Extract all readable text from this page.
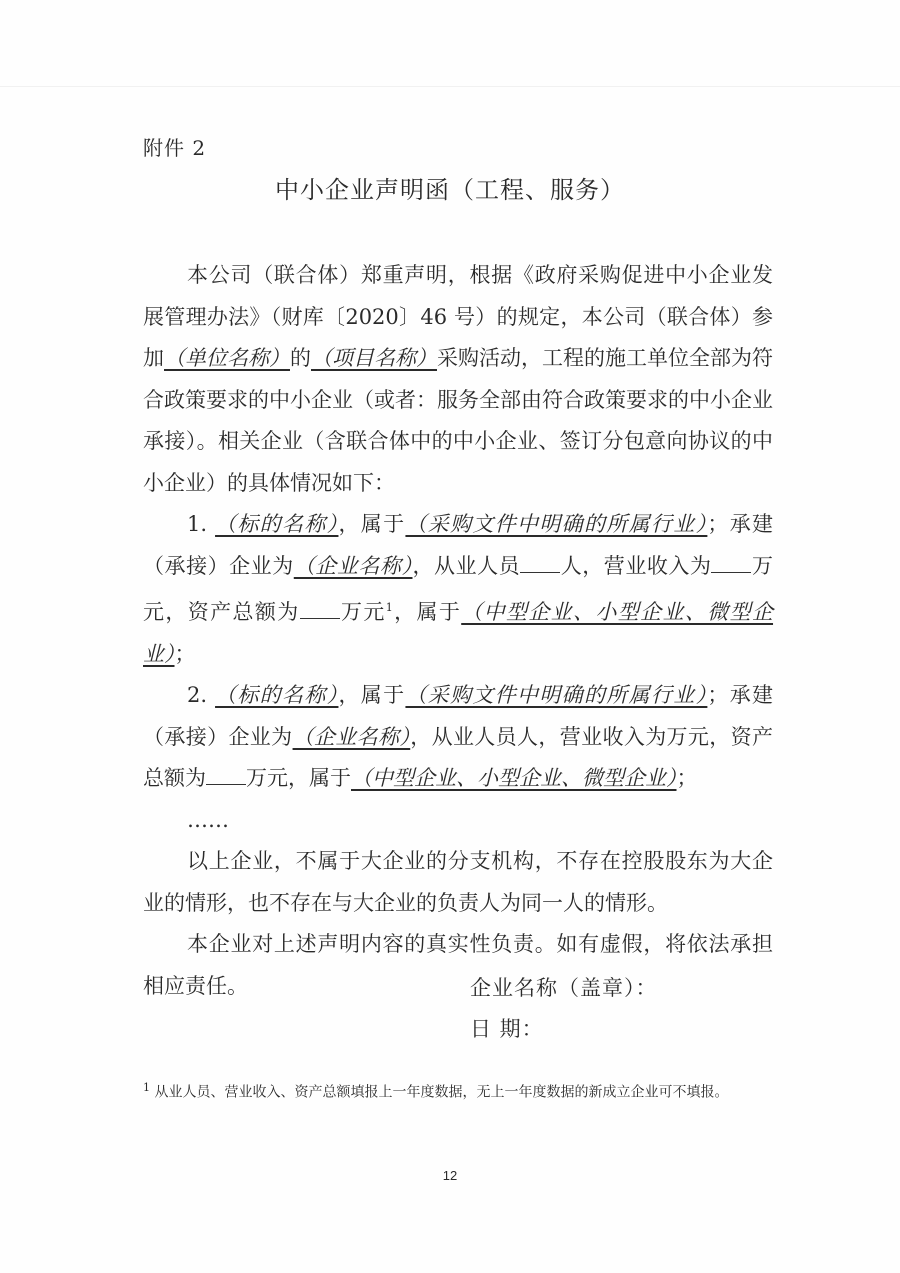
附件 2
中小企业声明函（工程、服务）

本公司（联合体）郑重声明，根据《政府采购促进中小企业发展管理办法》（财库〔2020〕46 号）的规定，本公司（联合体）参加（单位名称）的（项目名称）采购活动，工程的施工单位全部为符合政策要求的中小企业（或者：服务全部由符合政策要求的中小企业承接）。相关企业（含联合体中的中小企业、签订分包意向协议的中小企业）的具体情况如下：

1. （标的名称），属于（采购文件中明确的所属行业）；承建（承接）企业为（企业名称），从业人员 人，营业收入为 万元，资产总额为 万元$^1$，属于（中型企业、小型企业、微型企业）；

2. （标的名称），属于（采购文件中明确的所属行业）；承建（承接）企业为（企业名称），从业人员人，营业收入为万元，资产总额为 万元，属于（中型企业、小型企业、微型企业）；

……

以上企业，不属于大企业的分支机构，不存在控股股东为大企业的情形，也不存在与大企业的负责人为同一人的情形。

本企业对上述声明内容的真实性负责。如有虚假，将依法承担相应责任。	企业名称（盖章）：
日 期：
$^1$ 从业人员、营业收入、资产总额填报上一年度数据，无上一年度数据的新成立企业可不填报。
12
